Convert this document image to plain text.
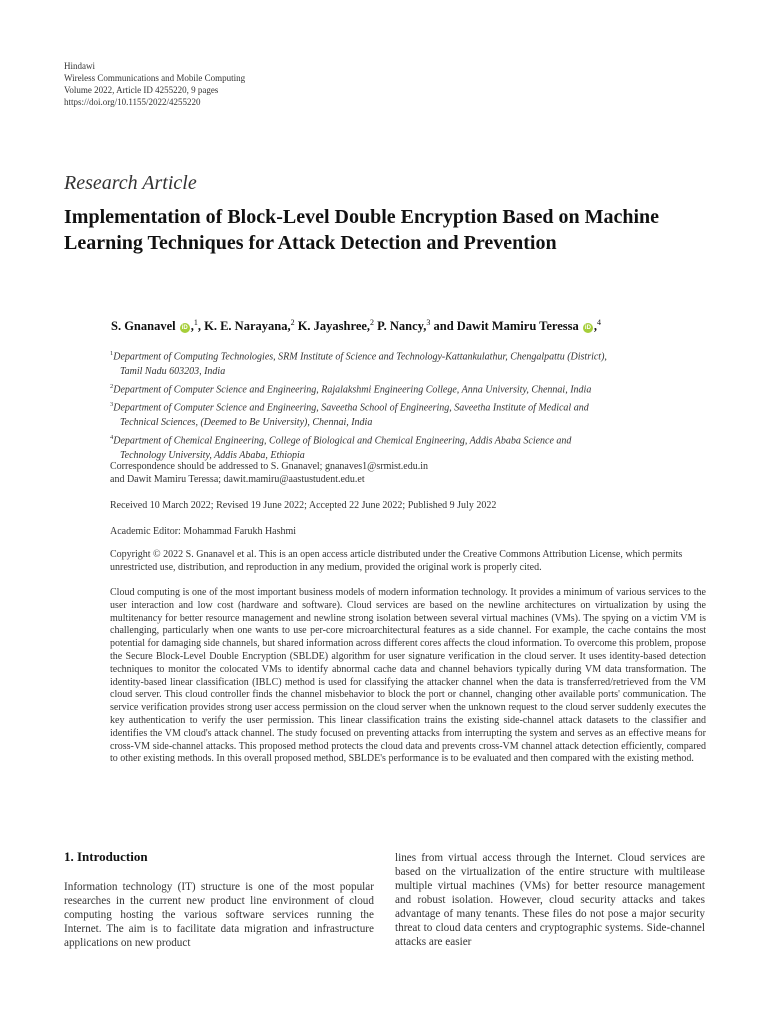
Hindawi
Wireless Communications and Mobile Computing
Volume 2022, Article ID 4255220, 9 pages
https://doi.org/10.1155/2022/4255220
Research Article
Implementation of Block-Level Double Encryption Based on Machine Learning Techniques for Attack Detection and Prevention
S. Gnanavel iD ,$^1$, K. E. Narayana,$^2$ K. Jayashree,$^2$ P. Nancy,$^3$ and Dawit Mamiru Teressa iD ,$^4$
$^1$Department of Computing Technologies, SRM Institute of Science and Technology-Kattankulathur, Chengalpattu (District),
Tamil Nadu 603203, India
$^2$Department of Computer Science and Engineering, Rajalakshmi Engineering College, Anna University, Chennai, India
$^3$Department of Computer Science and Engineering, Saveetha School of Engineering, Saveetha Institute of Medical and
Technical Sciences, (Deemed to Be University), Chennai, India
$^4$Department of Chemical Engineering, College of Biological and Chemical Engineering, Addis Ababa Science and
Technology University, Addis Ababa, Ethiopia
Correspondence should be addressed to S. Gnanavel; gnanaves1@srmist.edu.in
and Dawit Mamiru Teressa; dawit.mamiru@aastustudent.edu.et
Received 10 March 2022; Revised 19 June 2022; Accepted 22 June 2022; Published 9 July 2022
Academic Editor: Mohammad Farukh Hashmi
Copyright © 2022 S. Gnanavel et al. This is an open access article distributed under the Creative Commons Attribution License, which permits unrestricted use, distribution, and reproduction in any medium, provided the original work is properly cited.
Cloud computing is one of the most important business models of modern information technology. It provides a minimum of various services to the user interaction and low cost (hardware and software). Cloud services are based on the newline architectures on virtualization by using the multitenancy for better resource management and newline strong isolation between several virtual machines (VMs). The spying on a victim VM is challenging, particularly when one wants to use per-core microarchitectural features as a side channel. For example, the cache contains the most potential for damaging side channels, but shared information across different cores affects the cloud information. To overcome this problem, propose the Secure Block-Level Double Encryption (SBLDE) algorithm for user signature verification in the cloud server. It uses identity-based detection techniques to monitor the colocated VMs to identify abnormal cache data and channel behaviors typically during VM data transformation. The identity-based linear classification (IBLC) method is used for classifying the attacker channel when the data is transferred/retrieved from the VM cloud server. This cloud controller finds the channel misbehavior to block the port or channel, changing other available ports' communication. The service verification provides strong user access permission on the cloud server when the unknown request to the cloud server suddenly executes the key authentication to verify the user permission. This linear classification trains the existing side-channel attack datasets to the classifier and identifies the VM cloud's attack channel. The study focused on preventing attacks from interrupting the system and serves as an effective means for cross-VM side-channel attacks. This proposed method protects the cloud data and prevents cross-VM channel attack detection efficiently, compared to other existing methods. In this overall proposed method, SBLDE's performance is to be evaluated and then compared with the existing method.
1. Introduction
Information technology (IT) structure is one of the most popular researches in the current new product line environment of cloud computing hosting the various software services running the Internet. The aim is to facilitate data migration and infrastructure applications on new product
lines from virtual access through the Internet. Cloud services are based on the virtualization of the entire structure with multilease multiple virtual machines (VMs) for better resource management and robust isolation. However, cloud security attacks and takes advantage of many tenants. These files do not pose a major security threat to cloud data centers and cryptographic systems. Side-channel attacks are easier
